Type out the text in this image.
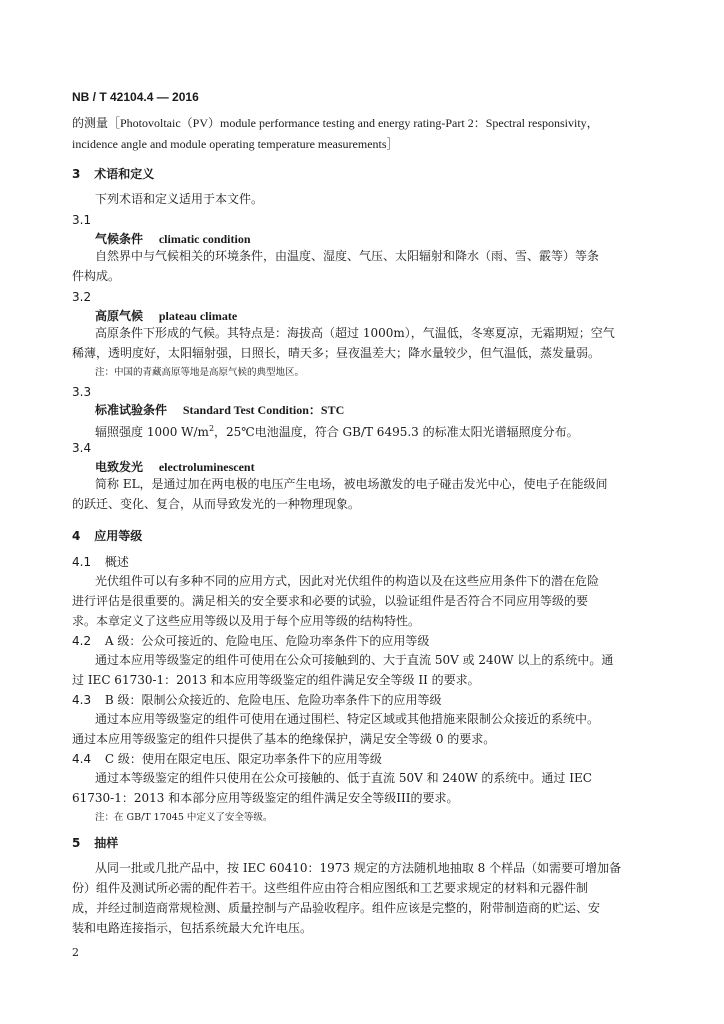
NB / T 42104.4 — 2016
的测量［Photovoltaic（PV）module performance testing and energy rating-Part 2：Spectral responsivity，
incidence angle and module operating temperature measurements］
3 术语和定义
下列术语和定义适用于本文件。
3.1
气候条件 climatic condition
自然界中与气候相关的环境条件，由温度、湿度、气压、太阳辐射和降水（雨、雪、霰等）等条
件构成。
3.2
高原气候 plateau climate
高原条件下形成的气候。其特点是：海拔高（超过 1000m），气温低，冬寒夏凉，无霜期短；空气
稀薄，透明度好，太阳辐射强，日照长，晴天多；昼夜温差大；降水量较少，但气温低，蒸发量弱。
注：中国的青藏高原等地是高原气候的典型地区。
3.3
标准试验条件 Standard Test Condition：STC
辐照强度 1000 $W/m^2$，25℃电池温度，符合 GB/T 6495.3 的标准太阳光谱辐照度分布。
3.4
电致发光 electroluminescent
简称 EL，是通过加在两电极的电压产生电场，被电场激发的电子碰击发光中心，使电子在能级间
的跃迁、变化、复合，从而导致发光的一种物理现象。
4 应用等级
4.1 概述
光伏组件可以有多种不同的应用方式，因此对光伏组件的构造以及在这些应用条件下的潜在危险
进行评估是很重要的。满足相关的安全要求和必要的试验，以验证组件是否符合不同应用等级的要
求。本章定义了这些应用等级以及用于每个应用等级的结构特性。
4.2 A 级：公众可接近的、危险电压、危险功率条件下的应用等级
通过本应用等级鉴定的组件可使用在公众可接触到的、大于直流 50V 或 240W 以上的系统中。通
过 IEC 61730-1：2013 和本应用等级鉴定的组件满足安全等级 II 的要求。
4.3 B 级：限制公众接近的、危险电压、危险功率条件下的应用等级
通过本应用等级鉴定的组件可使用在通过围栏、特定区域或其他措施来限制公众接近的系统中。
通过本应用等级鉴定的组件只提供了基本的绝缘保护，满足安全等级 0 的要求。
4.4 C 级：使用在限定电压、限定功率条件下的应用等级
通过本等级鉴定的组件只使用在公众可接触的、低于直流 50V 和 240W 的系统中。通过 IEC
61730-1：2013 和本部分应用等级鉴定的组件满足安全等级III的要求。
注：在 GB/T 17045 中定义了安全等级。
5 抽样
从同一批或几批产品中，按 IEC 60410：1973 规定的方法随机地抽取 8 个样品（如需要可增加备
份）组件及测试所必需的配件若干。这些组件应由符合相应图纸和工艺要求规定的材料和元器件制
成，并经过制造商常规检测、质量控制与产品验收程序。组件应该是完整的，附带制造商的贮运、安
装和电路连接指示，包括系统最大允许电压。
2
